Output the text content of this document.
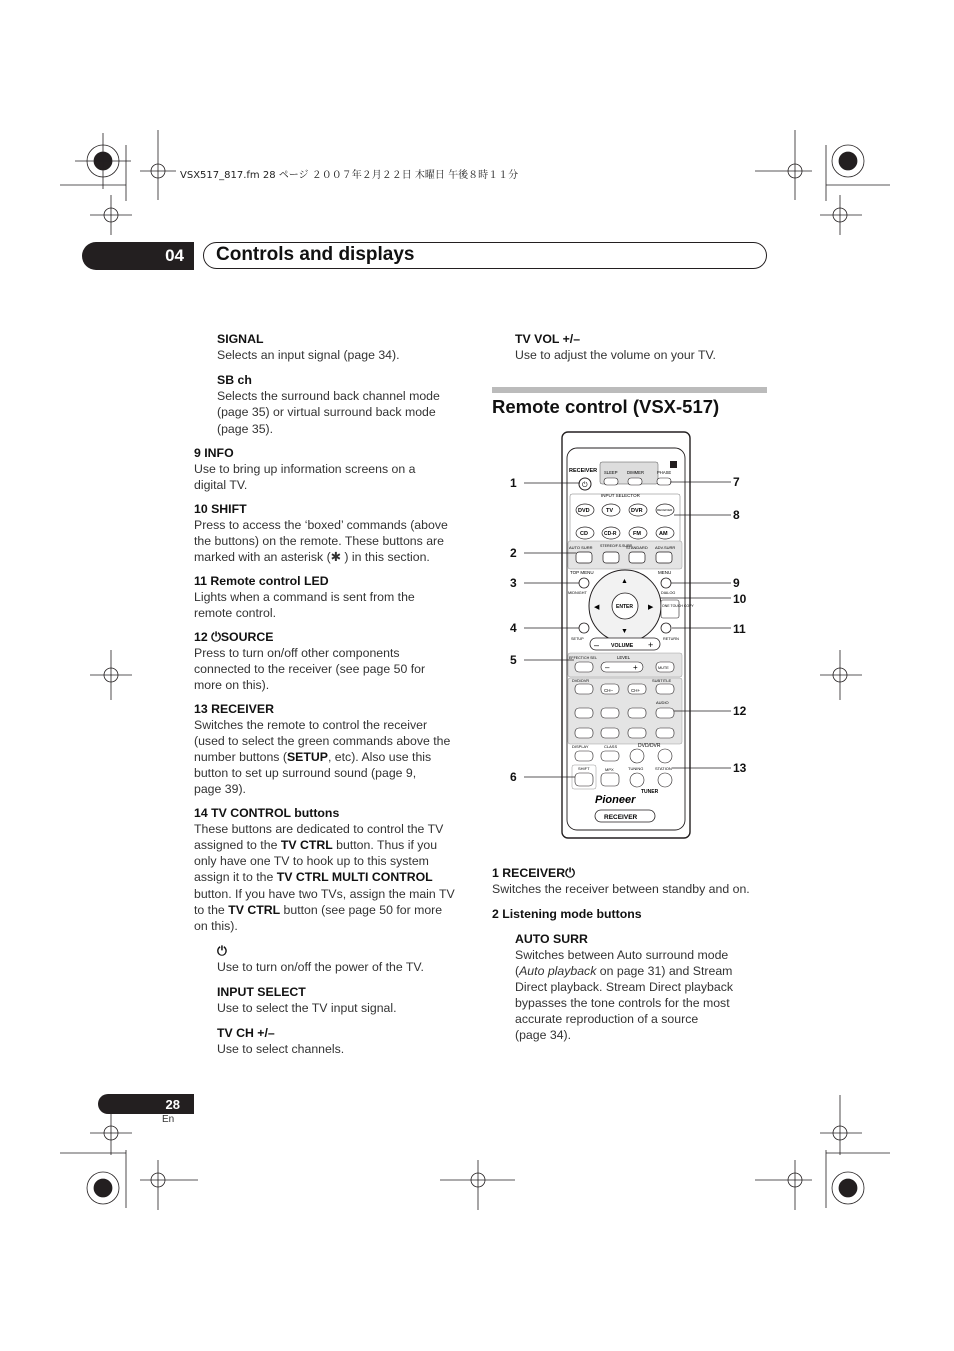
VSX517_817.fm 28 ページ ２００７年２月２２日 木曜日 午後８時１１分
04	Controls and displays
SIGNAL
Selects an input signal (page 34).
SB ch
Selects the surround back channel mode
(page 35) or virtual surround back mode
(page 35).
9 INFO
Use to bring up information screens on a
digital TV.
10 SHIFT
Press to access the ‘boxed’ commands (above
the buttons) on the remote. These buttons are
marked with an asterisk (✱ ) in this section.
11 Remote control LED
Lights when a command is sent from the
remote control.
12 ⏻SOURCE
Press to turn on/off other components
connected to the receiver (see page 50 for
more on this).
13 RECEIVER
Switches the remote to control the receiver
(used to select the green commands above the
number buttons (SETUP, etc). Also use this
button to set up surround sound (page 9,
page 39).
14 TV CONTROL buttons
These buttons are dedicated to control the TV
assigned to the TV CTRL button. Thus if you
only have one TV to hook up to this system
assign it to the TV CTRL MULTI CONTROL
button. If you have two TVs, assign the main TV
to the TV CTRL button (see page 50 for more
on this).
⏻
Use to turn on/off the power of the TV.
INPUT SELECT
Use to select the TV input signal.
TV CH +/–
Use to select channels.
TV VOL +/–
Use to adjust the volume on your TV.
Remote control (VSX-517)
RECEIVER
⏻
SLEEP DIMMER	PHASE
INPUT SELECTOR
DVD	TV	DVR	RECEIVER
CD	CD-R	FM	AM
AUTO SURR STEREO/F.S.SURR
STANDARD ADV.SURR
TOP MENU	MENU
MIDNIGHT	DIALOG
ENTER
▲
▼
◀	▶ ONE TOUCH COPY
SETUP	RETURN
VOLUME
–	+
EFFECT/CH SEL	LEVEL
–	+	MUTE
DVD/DVR	SUBTITLE
AUDIO
CH–	CH+
DISPLAY	CLASS	DVD/DVR
SHIFT	MPX	TUNING	STATION
TUNER
Pioneer
RECEIVER
1
2
3
4
5
6
7
8
9
10
11
12
13
1 RECEIVER⏻
Switches the receiver between standby and on.
2 Listening mode buttons
AUTO SURR
Switches between Auto surround mode
(Auto playback on page 31) and Stream
Direct playback. Stream Direct playback
bypasses the tone controls for the most
accurate reproduction of a source
(page 34).
28
En
